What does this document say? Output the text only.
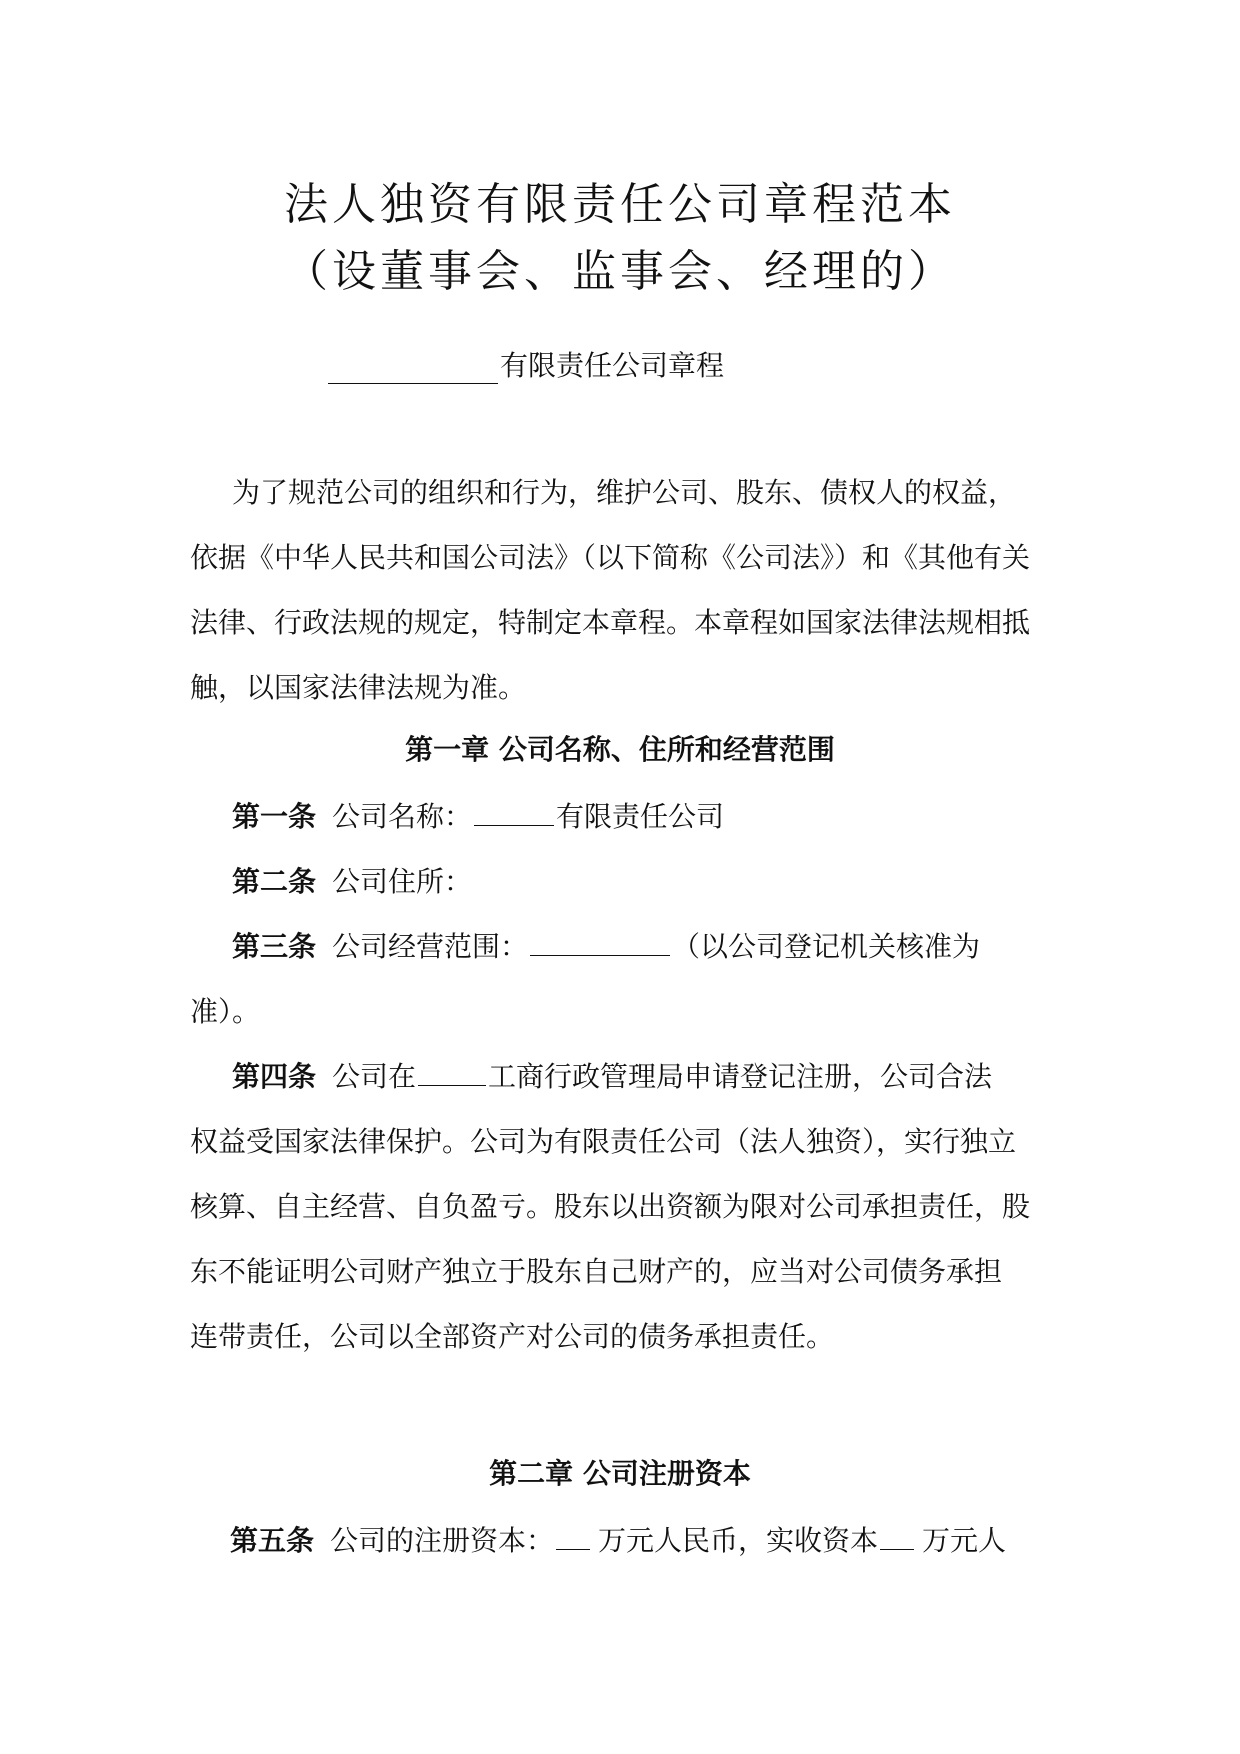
法人独资有限责任公司章程范本
（设董事会、监事会、经理的）
有限责任公司章程
为了规范公司的组织和行为，维护公司、股东、债权人的权益，
依据《中华人民共和国公司法》（以下简称《公司法》）和《其他有关
法律、行政法规的规定，特制定本章程。本章程如国家法律法规相抵
触，以国家法律法规为准。
第一章 公司名称、住所和经营范围
第一条 公司名称：	有限责任公司
第二条 公司住所：
第三条 公司经营范围：	（以公司登记机关核准为
准）。
第四条 公司在	工商行政管理局申请登记注册，公司合法
权益受国家法律保护。公司为有限责任公司（法人独资），实行独立
核算、自主经营、自负盈亏。股东以出资额为限对公司承担责任，股
东不能证明公司财产独立于股东自己财产的，应当对公司债务承担
连带责任，公司以全部资产对公司的债务承担责任。
第二章 公司注册资本
第五条 公司的注册资本： 万元人民币，实收资本 万元人
